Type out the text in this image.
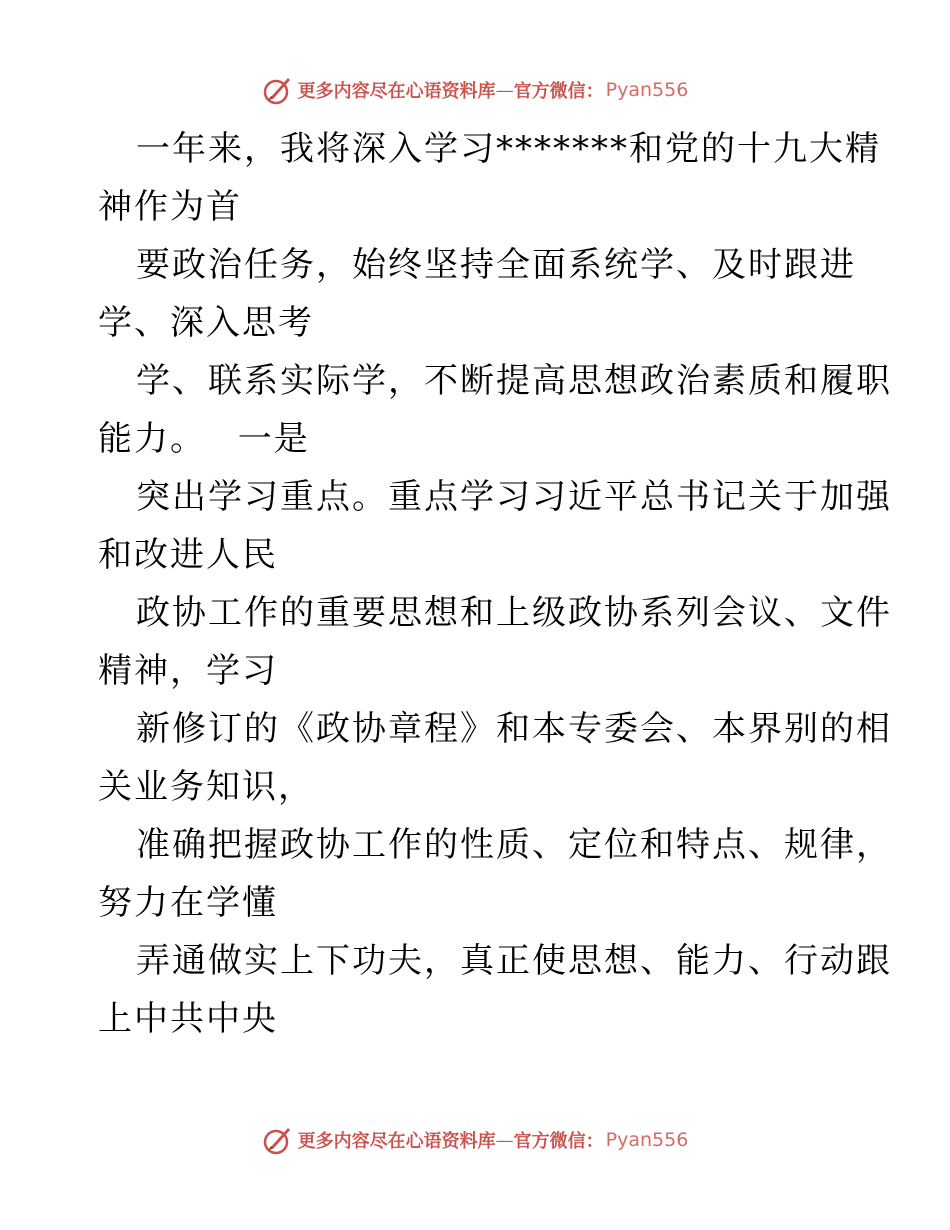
更多内容尽在心语资料库 — 官方微信： Pyan556
一年来，我将深入学习*******和党的十九大精
神作为首
要政治任务，始终坚持全面系统学、及时跟进
学、深入思考
学、联系实际学，不断提高思想政治素质和履职
能力。　 一是
突出学习重点。重点学习习近平总书记关于加强
和改进人民
政协工作的重要思想和上级政协系列会议、文件
精神，学习
新修订的《政协章程》和本专委会、本界别的相
关业务知识，
准确把握政协工作的性质、定位和特点、规律，
努力在学懂
弄通做实上下功夫，真正使思想、能力、行动跟
上中共中央
更多内容尽在心语资料库 — 官方微信： Pyan556
